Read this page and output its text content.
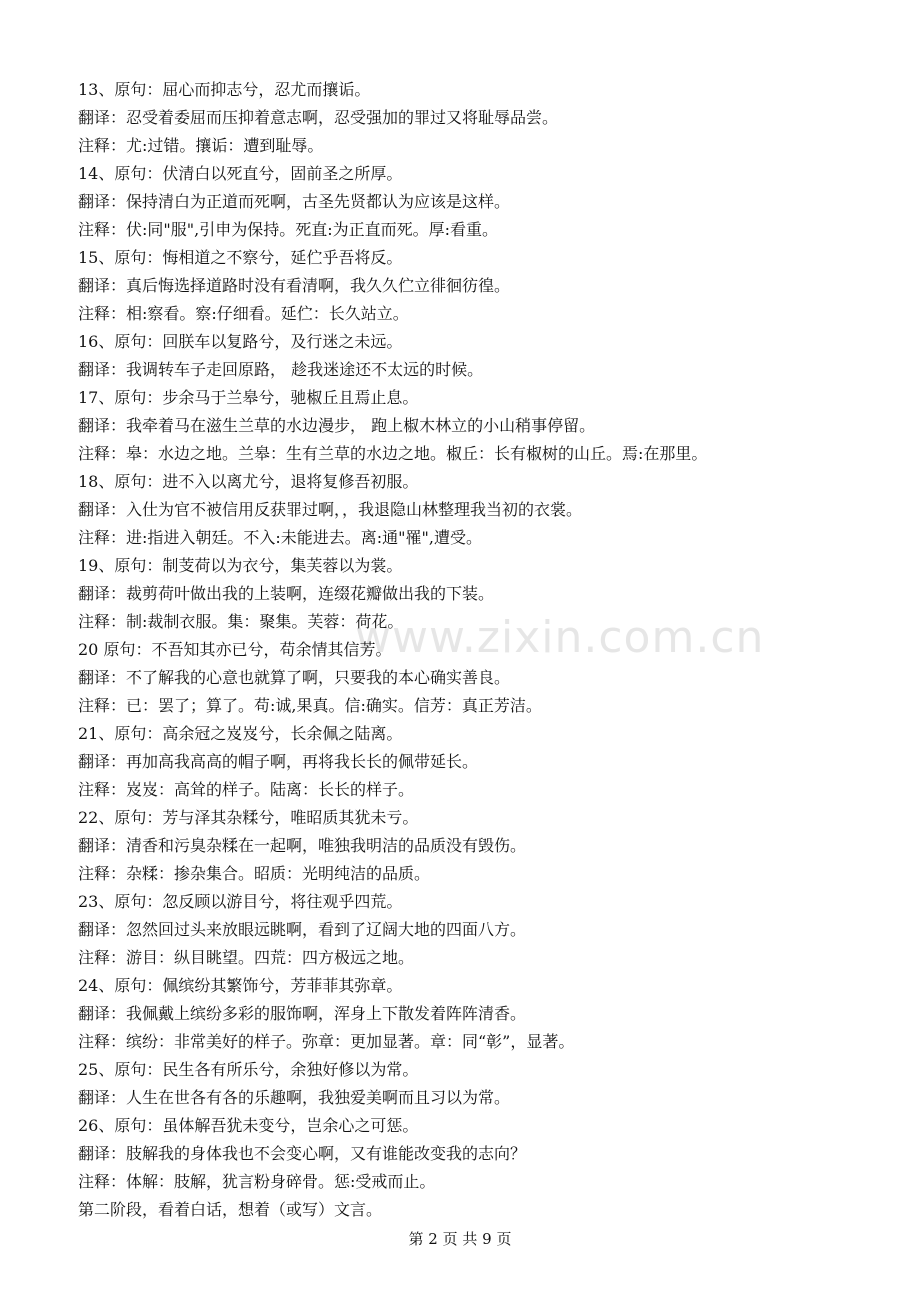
www.zixin.com.cn

13、原句：屈心而抑志兮，忍尤而攘诟。

翻译：忍受着委屈而压抑着意志啊，忍受强加的罪过又将耻辱品尝。

注释：尤:过错。攘诟：遭到耻辱。

14、原句：伏清白以死直兮，固前圣之所厚。

翻译：保持清白为正道而死啊，古圣先贤都认为应该是这样。

注释：伏:同"服",引申为保持。死直:为正直而死。厚:看重。

15、原句：悔相道之不察兮，延伫乎吾将反。

翻译：真后悔选择道路时没有看清啊，我久久伫立徘徊彷徨。

注释：相:察看。察:仔细看。延伫：长久站立。

16、原句：回朕车以复路兮，及行迷之未远。

翻译：我调转车子走回原路， 趁我迷途还不太远的时候。

17、原句：步余马于兰皋兮，驰椒丘且焉止息。

翻译：我牵着马在滋生兰草的水边漫步， 跑上椒木林立的小山稍事停留。

注释：皋：水边之地。兰皋：生有兰草的水边之地。椒丘：长有椒树的山丘。焉:在那里。

18、原句：进不入以离尤兮，退将复修吾初服。

翻译：入仕为官不被信用反获罪过啊，，我退隐山林整理我当初的衣裳。

注释：进:指进入朝廷。不入:未能进去。离:通"罹",遭受。

19、原句：制芰荷以为衣兮，集芙蓉以为裳。

翻译：裁剪荷叶做出我的上装啊，连缀花瓣做出我的下装。

注释：制:裁制衣服。集：聚集。芙蓉：荷花。

20 原句：不吾知其亦已兮，苟余情其信芳。

翻译：不了解我的心意也就算了啊，只要我的本心确实善良。

注释：已：罢了；算了。苟:诚,果真。信:确实。信芳：真正芳洁。

21、原句：高余冠之岌岌兮，长余佩之陆离。

翻译：再加高我高高的帽子啊，再将我长长的佩带延长。

注释：岌岌：高耸的样子。陆离：长长的样子。

22、原句：芳与泽其杂糅兮，唯昭质其犹未亏。

翻译：清香和污臭杂糅在一起啊，唯独我明洁的品质没有毁伤。

注释：杂糅：掺杂集合。昭质：光明纯洁的品质。

23、原句：忽反顾以游目兮，将往观乎四荒。

翻译：忽然回过头来放眼远眺啊，看到了辽阔大地的四面八方。

注释：游目：纵目眺望。四荒：四方极远之地。

24、原句：佩缤纷其繁饰兮，芳菲菲其弥章。

翻译：我佩戴上缤纷多彩的服饰啊，浑身上下散发着阵阵清香。

注释：缤纷：非常美好的样子。弥章：更加显著。章：同“彰”，显著。

25、原句：民生各有所乐兮，余独好修以为常。

翻译：人生在世各有各的乐趣啊，我独爱美啊而且习以为常。

26、原句：虽体解吾犹未变兮，岂余心之可惩。

翻译：肢解我的身体我也不会变心啊，又有谁能改变我的志向？

注释：体解：肢解，犹言粉身碎骨。惩:受戒而止。

第二阶段，看着白话，想着（或写）文言。

第 2 页 共 9 页
